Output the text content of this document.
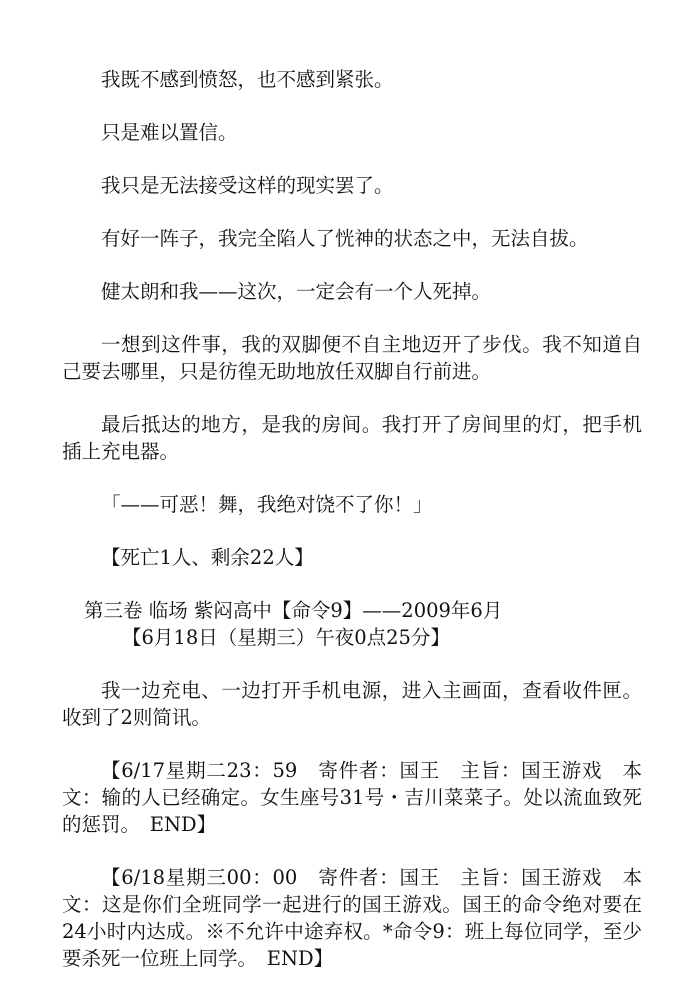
我既不感到愤怒，也不感到紧张。

只是难以置信。

我只是无法接受这样的现实罢了。

有好一阵子，我完全陷人了恍神的状态之中，无法自拔。

健太朗和我——这次，一定会有一个人死掉。

一想到这件事，我的双脚便不自主地迈开了步伐。我不知道自己要去哪里，只是彷徨无助地放任双脚自行前进。

最后抵达的地方，是我的房间。我打开了房间里的灯，把手机插上充电器。

「——可恶！舞，我绝对饶不了你！」

【死亡1人、剩余22人】

第三卷 临场 紫闷高中【命令9】——2009年6月

【6月18日（星期三）午夜0点25分】

我一边充电、一边打开手机电源，进入主画面，查看收件匣。收到了2则简讯。

【6/17星期二23：59　寄件者：国王　主旨：国王游戏　本文：输的人已经确定。女生座号31号・吉川菜菜子。处以流血致死的惩罚。　END】

【6/18星期三00：00　寄件者：国王　主旨：国王游戏　本文：这是你们全班同学一起进行的国王游戏。国王的命令绝对要在24小时内达成。※不允许中途弃权。*命令9：班上每位同学，至少要杀死一位班上同学。　END】
